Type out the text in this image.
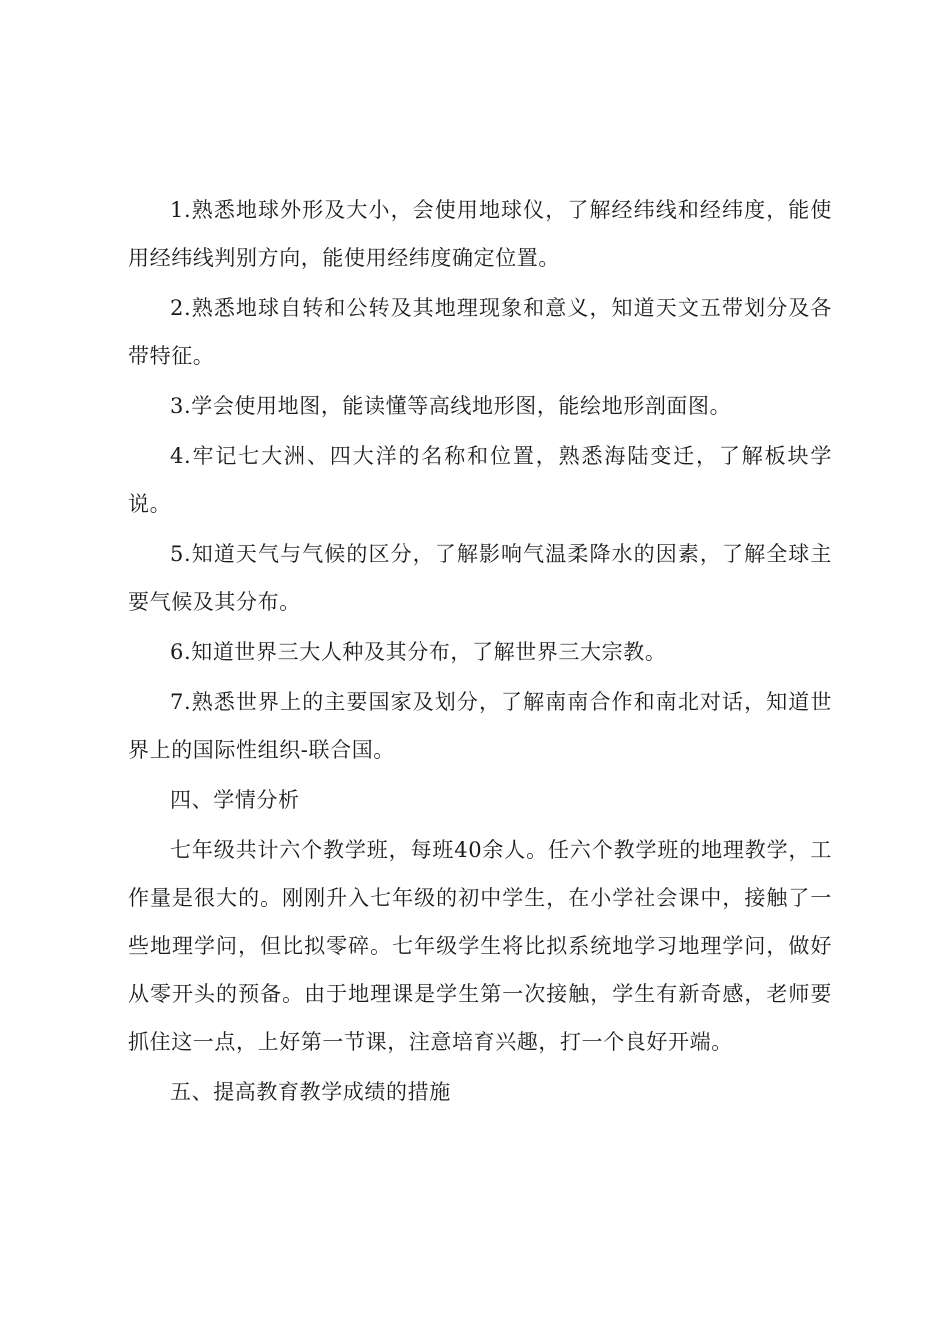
1.熟悉地球外形及大小，会使用地球仪，了解经纬线和经纬度，能使用经纬线判别方向，能使用经纬度确定位置。

2.熟悉地球自转和公转及其地理现象和意义，知道天文五带划分及各带特征。

3.学会使用地图，能读懂等高线地形图，能绘地形剖面图。

4.牢记七大洲、四大洋的名称和位置，熟悉海陆变迁，了解板块学说。

5.知道天气与气候的区分，了解影响气温柔降水的因素，了解全球主要气候及其分布。

6.知道世界三大人种及其分布，了解世界三大宗教。

7.熟悉世界上的主要国家及划分，了解南南合作和南北对话，知道世界上的国际性组织-联合国。

四、学情分析

七年级共计六个教学班，每班40余人。任六个教学班的地理教学，工作量是很大的。刚刚升入七年级的初中学生，在小学社会课中，接触了一些地理学问，但比拟零碎。七年级学生将比拟系统地学习地理学问，做好从零开头的预备。由于地理课是学生第一次接触，学生有新奇感，老师要抓住这一点，上好第一节课，注意培育兴趣，打一个良好开端。

五、提高教育教学成绩的措施
